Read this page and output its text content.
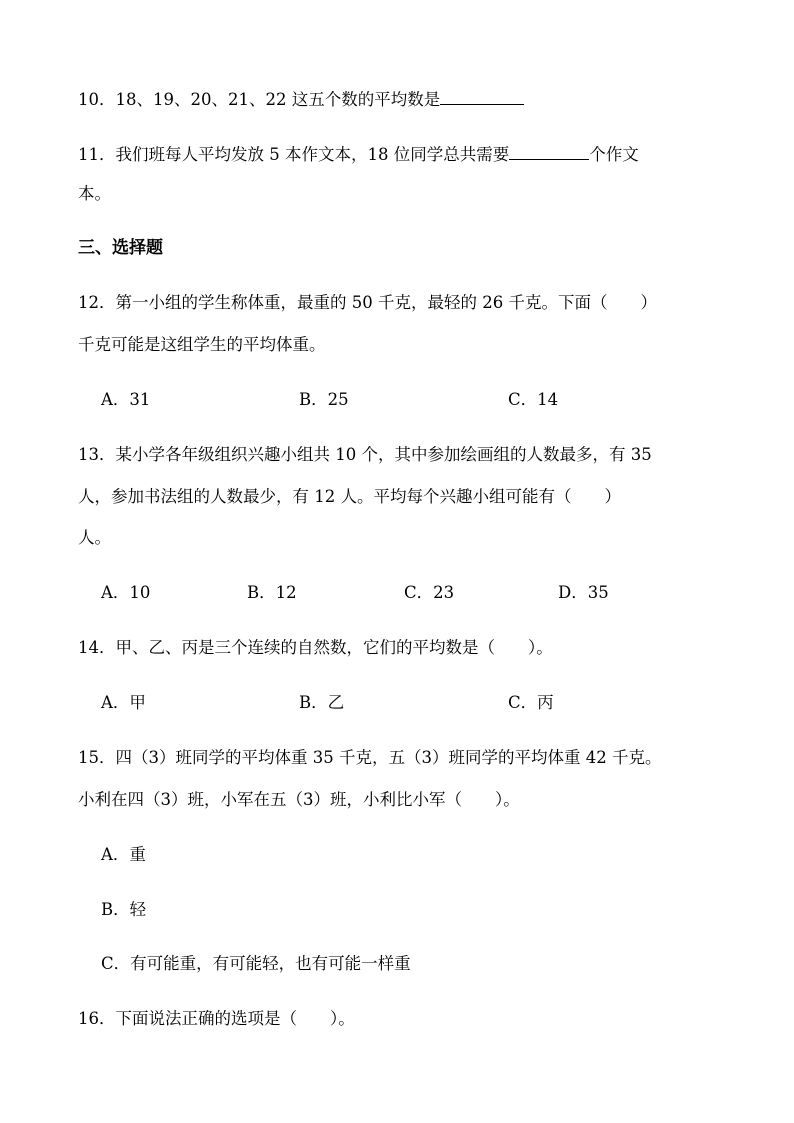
10．18、19、20、21、22 这五个数的平均数是
11．我们班每人平均发放 5 本作文本，18 位同学总共需要	个作文
本。
三、选择题
12．第一小组的学生称体重，最重的 50 千克，最轻的 26 千克。下面（　　）
千克可能是这组学生的平均体重。
A．31	B．25	C．14
13．某小学各年级组织兴趣小组共 10 个，其中参加绘画组的人数最多，有 35
人，参加书法组的人数最少，有 12 人。平均每个兴趣小组可能有（　　）
人。
A．10	B．12	C．23	D．35
14．甲、乙、丙是三个连续的自然数，它们的平均数是（　　）。
A．甲	B．乙	C．丙
15．四（3）班同学的平均体重 35 千克，五（3）班同学的平均体重 42 千克。
小利在四（3）班，小军在五（3）班，小利比小军（　　）。
A．重
B．轻
C．有可能重，有可能轻，也有可能一样重
16．下面说法正确的选项是（　　）。
